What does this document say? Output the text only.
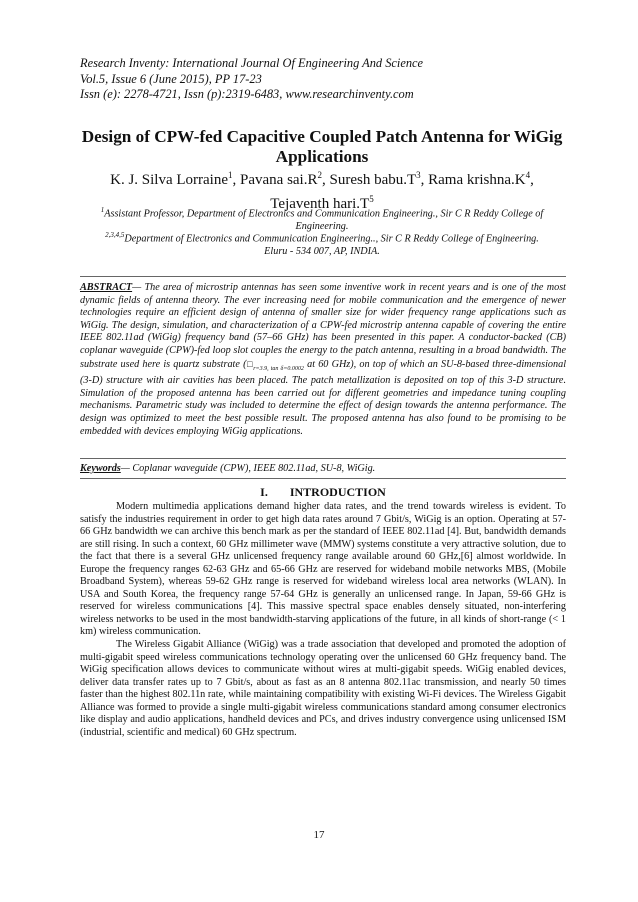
Research Inventy: International Journal Of Engineering And Science
Vol.5, Issue 6 (June 2015), PP 17-23
Issn (e): 2278-4721, Issn (p):2319-6483, www.researchinventy.com
Design of CPW-fed Capacitive Coupled Patch Antenna for WiGig
Applications
K. J. Silva Lorraine$^1$, Pavana $sai.R^2$, Suresh $babu.T^3$, Rama $krishna.K^4$,
Tejaventh $hari.T^5$
$^1$Assistant Professor, Department of Electronics and Communication Engineering., Sir C R Reddy College of
Engineering.
$^{2,3,4,5}$Department of Electronics and Communication Engineering.., Sir C R Reddy College of Engineering.
Eluru - 534 007, AP, INDIA.
ABSTRACT— The area of microstrip antennas has seen some inventive work in recent years and is one of the most dynamic fields of antenna theory. The ever increasing need for mobile communication and the emergence of newer technologies require an efficient design of antenna of smaller size for wider frequency range applications such as WiGig. The design, simulation, and characterization of a CPW-fed microstrip antenna capable of covering the entire IEEE 802.11ad (WiGig) frequency band (57–66 GHz) has been presented in this paper. A conductor-backed (CB) coplanar waveguide (CPW)-fed loop slot couples the energy to the patch antenna, resulting in a broad bandwidth. The substrate used here is quartz substrate ($□_{r=3.9, tan \delta=0.0002}$ at 60 GHz), on top of which an SU-8-based three-dimensional (3-D) structure with air cavities has been placed. The patch metallization is deposited on top of this 3-D structure. Simulation of the proposed antenna has been carried out for different geometries and impedance tuning coupling mechanisms. Parametric study was included to determine the effect of design towards the antenna performance. The design was optimized to meet the best possible result. The proposed antenna has also found to be promising to be embedded with devices employing WiGig applications.
Keywords— Coplanar waveguide (CPW), IEEE 802.11ad, SU-8, WiGig.
I. INTRODUCTION

Modern multimedia applications demand higher data rates, and the trend towards wireless is evident. To satisfy the industries requirement in order to get high data rates around 7 Gbit/s, WiGig is an option. Operating at 57-66 GHz bandwidth we can archive this bench mark as per the standard of IEEE 802.11ad [4]. But, bandwidth demands are still rising. In such a context, 60 GHz millimeter wave (MMW) systems constitute a very attractive solution, due to the fact that there is a several GHz unlicensed frequency range available around 60 GHz,[6] almost worldwide. In Europe the frequency ranges 62-63 GHz and 65-66 GHz are reserved for wideband mobile networks MBS, (Mobile Broadband System), whereas 59-62 GHz range is reserved for wideband wireless local area networks (WLAN). In USA and South Korea, the frequency range 57-64 GHz is generally an unlicensed range. In Japan, 59-66 GHz is reserved for wireless communications [4]. This massive spectral space enables densely situated, non-interfering wireless networks to be used in the most bandwidth-starving applications of the future, in all kinds of short-range (< 1 km) wireless communication.

The Wireless Gigabit Alliance (WiGig) was a trade association that developed and promoted the adoption of multi-gigabit speed wireless communications technology operating over the unlicensed 60 GHz frequency band. The WiGig specification allows devices to communicate without wires at multi-gigabit speeds. WiGig enabled devices, deliver data transfer rates up to 7 Gbit/s, about as fast as an 8 antenna 802.11ac transmission, and nearly 50 times faster than the highest 802.11n rate, while maintaining compatibility with existing Wi-Fi devices. The Wireless Gigabit Alliance was formed to provide a single multi-gigabit wireless communications standard among consumer electronics like display and audio applications, handheld devices and PCs, and drives industry convergence using unlicensed ISM (industrial, scientific and medical) 60 GHz spectrum.

17
